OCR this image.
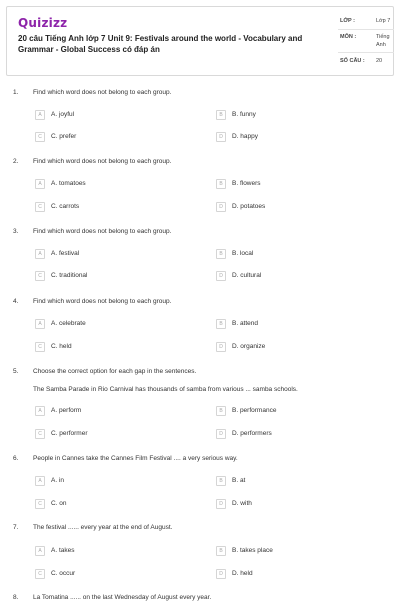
Quizizz
20 câu Tiếng Anh lớp 7 Unit 9: Festivals around the world - Vocabulary and Grammar - Global Success có đáp án
LỚP :	Lớp 7
MÔN :	Tiếng
Anh
SỐ CÂU : 20
1. Find which word does not belong to each group.
A	A. joyful	B	B. funny
C	C. prefer	D	D. happy
2. Find which word does not belong to each group.
A	A. tomatoes	B	B. flowers
C	C. carrots	D	D. potatoes
3. Find which word does not belong to each group.
A	A. festival	B	B. local
C	C. traditional	D	D. cultural
4. Find which word does not belong to each group.
A	A. celebrate	B	B. attend
C	C. held	D	D. organize
5. Choose the correct option for each gap in the sentences.
The Samba Parade in Rio Carnival has thousands of samba from various ... samba schools.
A	A. perform	B	B. performance
C	C. performer	D	D. performers
6. People in Cannes take the Cannes Film Festival .... a very serious way.
A	A. in	B	B. at
C	C. on	D	D. with
7. The festival ...... every year at the end of August.
A	A. takes	B	B. takes place
C	C. occur	D	D. held
8. La Tomatina ...... on the last Wednesday of August every year.
